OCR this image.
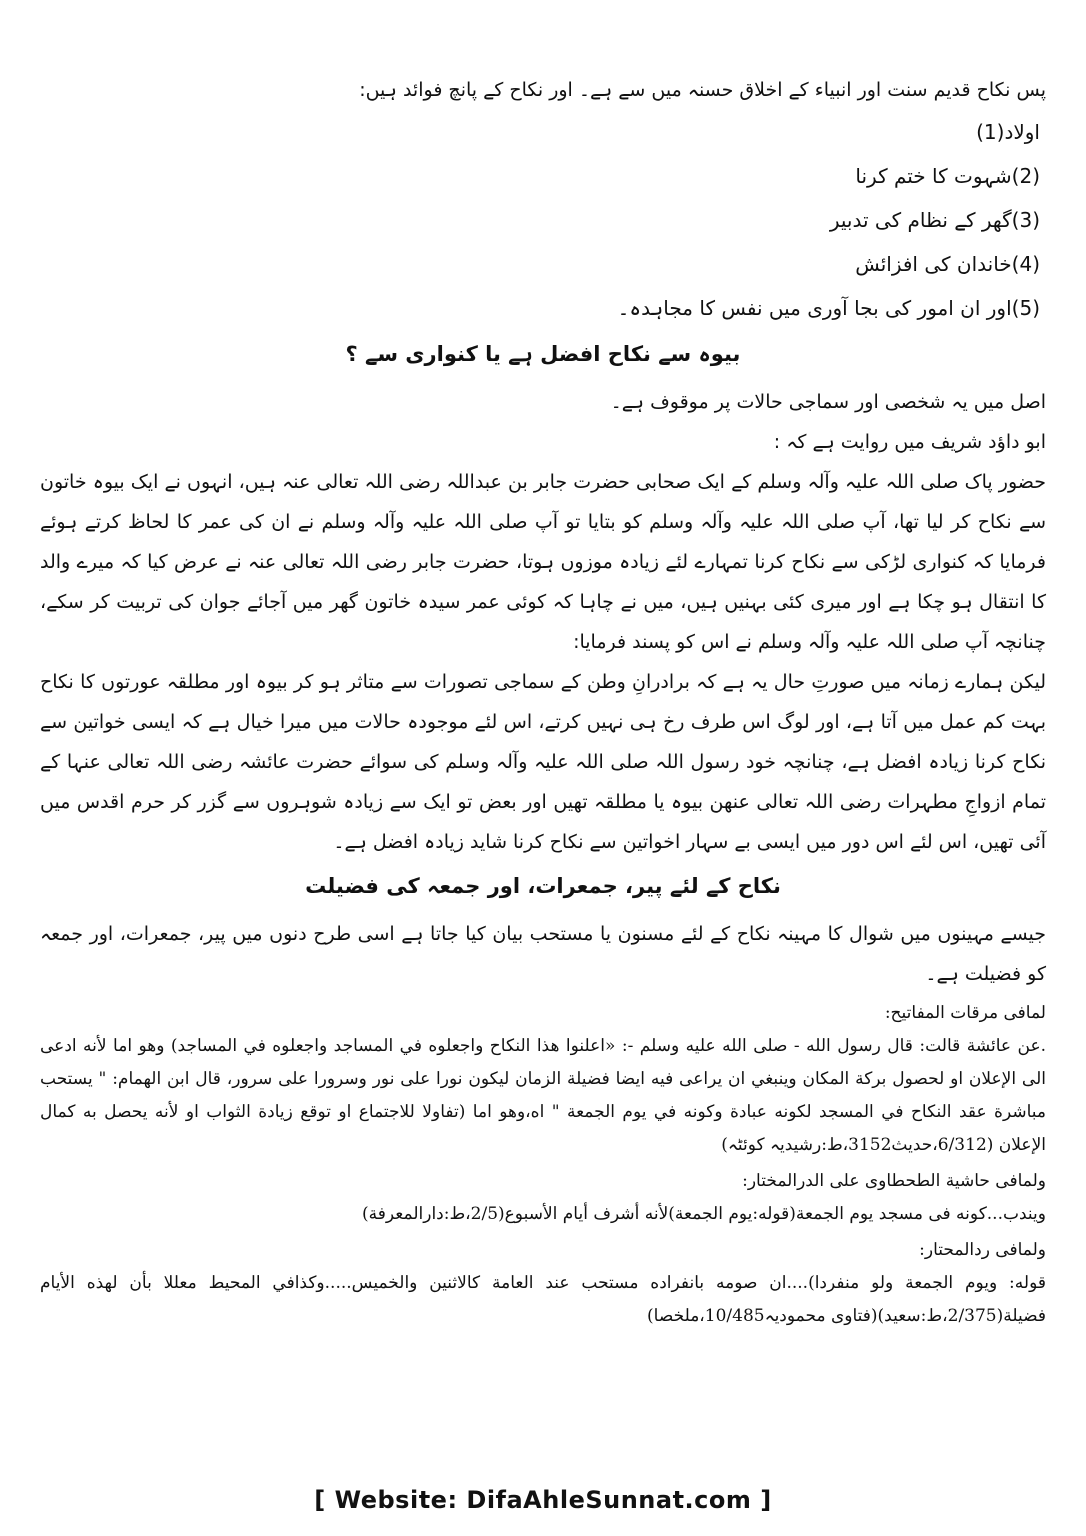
پس نکاح قدیم سنت اور انبیاء کے اخلاق حسنہ میں سے ہے۔ اور نکاح کے پانچ فوائد ہیں:

اولاد(1)

(2)شہوت کا ختم کرنا

(3)گھر کے نظام کی تدبیر

(4)خاندان کی افزائش

(5)اور ان امور کی بجا آوری میں نفس کا مجاہدہ۔

بیوہ سے نکاح افضل ہے یا کنواری سے ؟

اصل میں یہ شخصی اور سماجی حالات پر موقوف ہے۔

ابو داؤد شریف میں روایت ہے کہ :

حضور پاک صلی اللہ علیہ وآلہ وسلم کے ایک صحابی حضرت جابر بن عبداللہ رضی اللہ تعالی عنہ ہیں، انہوں نے ایک بیوہ خاتون سے نکاح کر لیا تھا، آپ صلی اللہ علیہ وآلہ وسلم کو بتایا تو آپ صلی اللہ علیہ وآلہ وسلم نے ان کی عمر کا لحاظ کرتے ہوئے فرمایا کہ کنواری لڑکی سے نکاح کرنا تمہارے لئے زیادہ موزوں ہوتا، حضرت جابر رضی اللہ تعالی عنہ نے عرض کیا کہ میرے والد کا انتقال ہو چکا ہے اور میری کئی بہنیں ہیں، میں نے چاہا کہ کوئی عمر سیدہ خاتون گھر میں آجائے جوان کی تربیت کر سکے، چنانچہ آپ صلی اللہ علیہ وآلہ وسلم نے اس کو پسند فرمایا:

لیکن ہمارے زمانہ میں صورتِ حال یہ ہے کہ برادرانِ وطن کے سماجی تصورات سے متاثر ہو کر بیوہ اور مطلقہ عورتوں کا نکاح بہت کم عمل میں آتا ہے، اور لوگ اس طرف رخ ہی نہیں کرتے، اس لئے موجودہ حالات میں میرا خیال ہے کہ ایسی خواتین سے نکاح کرنا زیادہ افضل ہے، چنانچہ خود رسول اللہ صلی اللہ علیہ وآلہ وسلم کی سوائے حضرت عائشہ رضی اللہ تعالی عنہا کے تمام ازواجِ مطہرات رضی اللہ تعالی عنھن بیوہ یا مطلقہ تھیں اور بعض تو ایک سے زیادہ شوہروں سے گزر کر حرم اقدس میں آئی تھیں، اس لئے اس دور میں ایسی بے سہار اخواتین سے نکاح کرنا شاید زیادہ افضل ہے۔

نکاح کے لئے پیر، جمعرات، اور جمعہ کی فضیلت

جیسے مہینوں میں شوال کا مہینہ نکاح کے لئے مسنون یا مستحب بیان کیا جاتا ہے اسی طرح دنوں میں پیر، جمعرات، اور جمعہ کو فضیلت ہے۔

لمافی مرقات المفاتیح:

.عن عائشة قالت: قال رسول الله - صلى الله عليه وسلم -: «اعلنوا هذا النكاح واجعلوه في المساجد واجعلوه في المساجد) وهو اما لأنه ادعى الى الإعلان او لحصول بركة المكان وينبغي ان يراعى فيه ايضا فضيلة الزمان ليكون نورا على نور وسرورا على سرور، قال ابن الهمام: " يستحب مباشرة عقد النكاح في المسجد لكونه عبادة وكونه في يوم الجمعة " اه،وهو اما (تفاولا للاجتماع او توقع زيادة الثواب او لأنه يحصل به كمال الإعلان (6/312،حدیث3152،ط:رشیدیہ کوئٹہ)

ولمافی حاشیة الطحطاوی علی الدرالمختار:

ويندب...كونه فى مسجد يوم الجمعة(قوله:يوم الجمعة)لأنه أشرف أيام الأسبوع(2/5،ط:دارالمعرفة)

ولمافی ردالمحتار:

قوله: ويوم الجمعة ولو منفردا)....ان صومه بانفراده مستحب عند العامة كالاثنين والخميس.....وكذافي المحيط معللا بأن لهذه الأيام فضيلة(2/375،ط:سعید)(فتاوی محمودیہ10/485،ملخصا)

[ Website: DifaAhleSunnat.com ]
